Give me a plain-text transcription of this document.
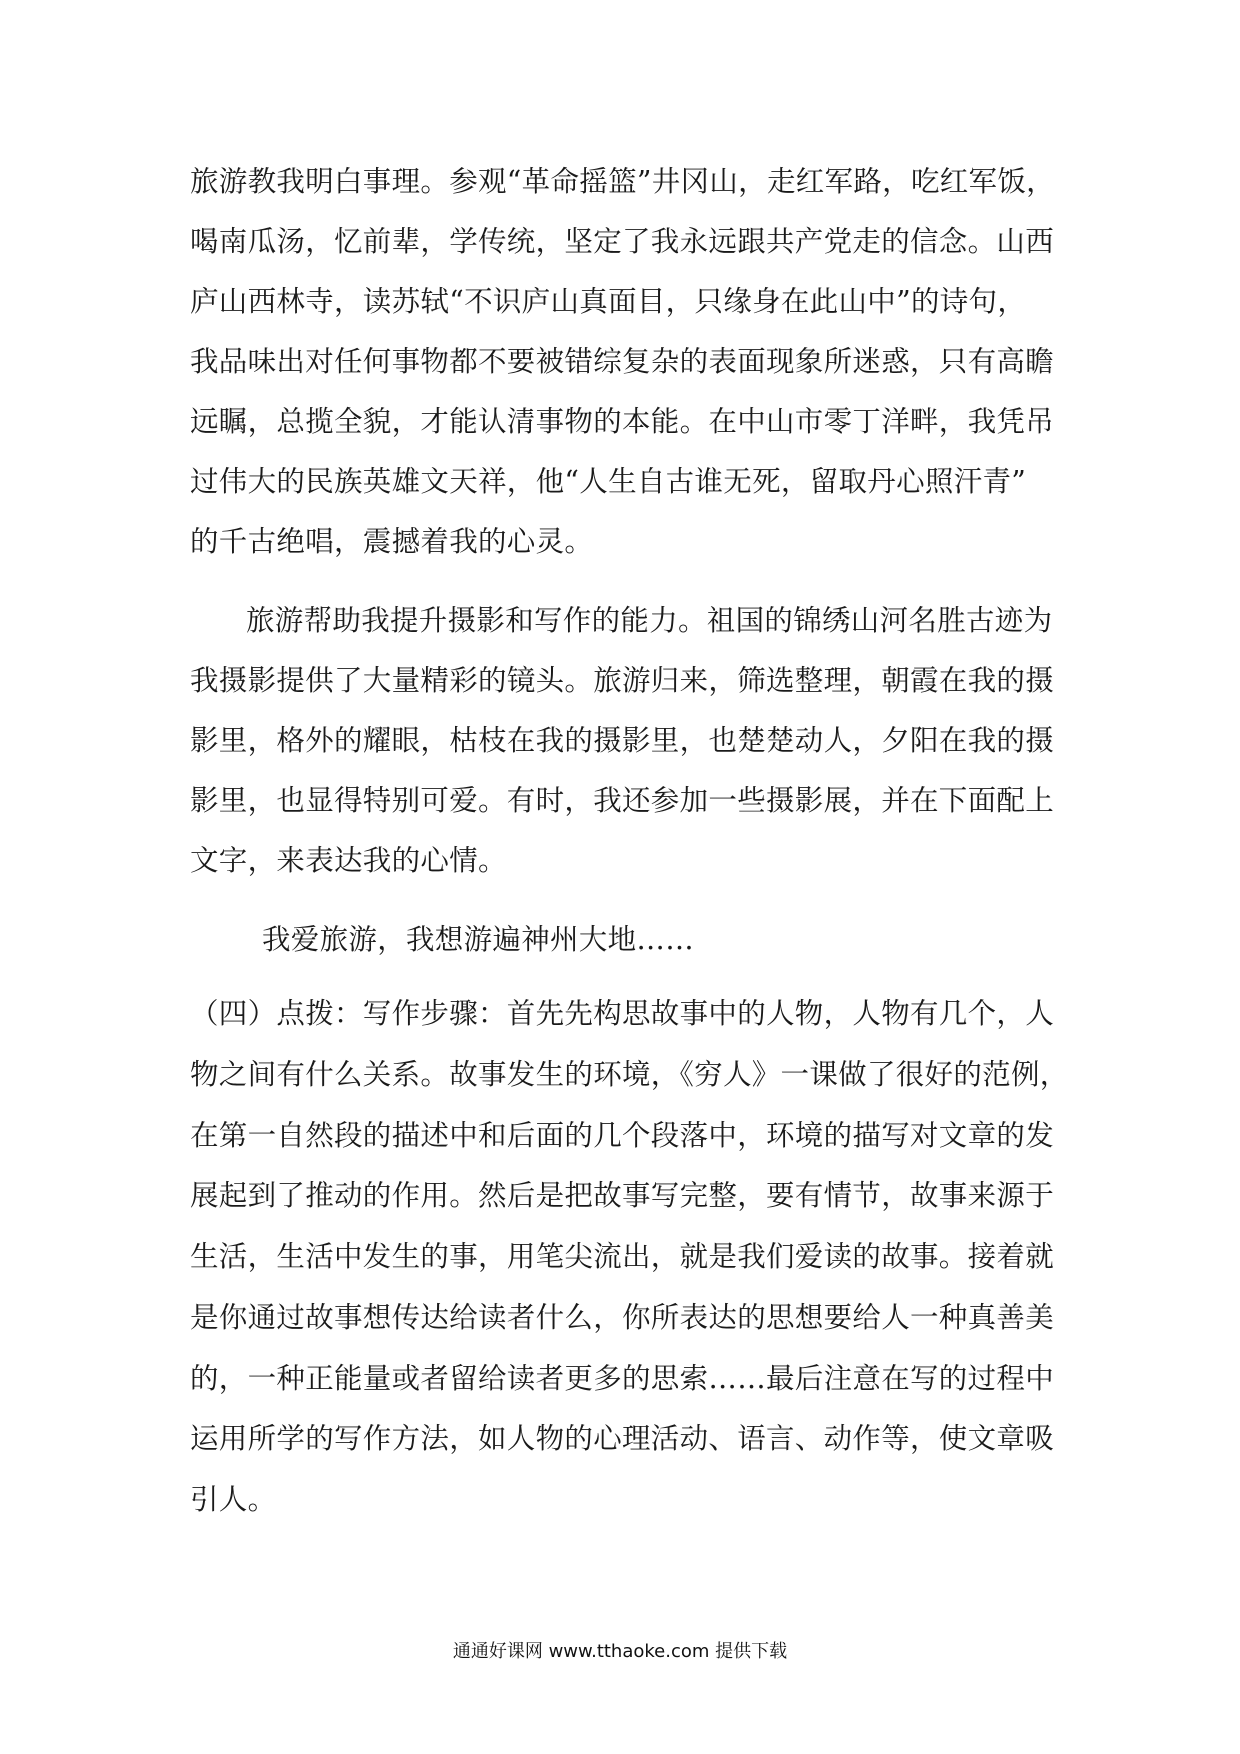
旅游教我明白事理。参观“革命摇篮”井冈山，走红军路，吃红军饭，
喝南瓜汤，忆前辈，学传统，坚定了我永远跟共产党走的信念。山西
庐山西林寺，读苏轼“不识庐山真面目，只缘身在此山中”的诗句，
我品味出对任何事物都不要被错综复杂的表面现象所迷惑，只有高瞻
远瞩，总揽全貌，才能认清事物的本能。在中山市零丁洋畔，我凭吊
过伟大的民族英雄文天祥，他“人生自古谁无死，留取丹心照汗青”
的千古绝唱，震撼着我的心灵。
旅游帮助我提升摄影和写作的能力。祖国的锦绣山河名胜古迹为
我摄影提供了大量精彩的镜头。旅游归来，筛选整理，朝霞在我的摄
影里，格外的耀眼，枯枝在我的摄影里，也楚楚动人，夕阳在我的摄
影里，也显得特别可爱。有时，我还参加一些摄影展，并在下面配上
文字，来表达我的心情。
我爱旅游，我想游遍神州大地……
（四）点拨：写作步骤：首先先构思故事中的人物，人物有几个，人
物之间有什么关系。故事发生的环境，《穷人》一课做了很好的范例，
在第一自然段的描述中和后面的几个段落中，环境的描写对文章的发
展起到了推动的作用。然后是把故事写完整，要有情节，故事来源于
生活，生活中发生的事，用笔尖流出，就是我们爱读的故事。接着就
是你通过故事想传达给读者什么，你所表达的思想要给人一种真善美
的，一种正能量或者留给读者更多的思索……最后注意在写的过程中
运用所学的写作方法，如人物的心理活动、语言、动作等，使文章吸
引人。
通通好课网 www.tthaoke.com 提供下载
